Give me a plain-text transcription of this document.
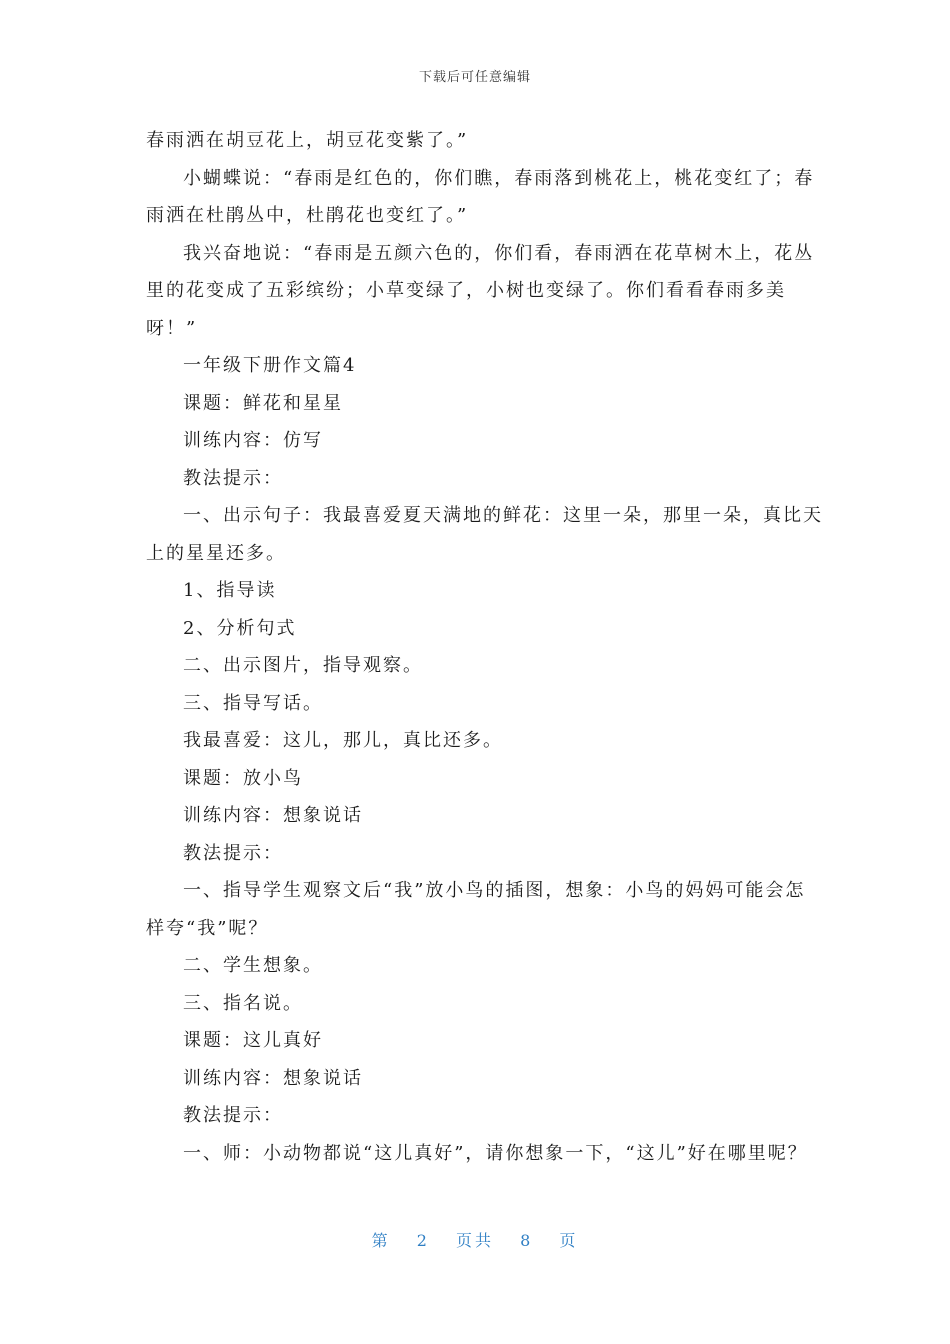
下载后可任意编辑
春雨洒在胡豆花上，胡豆花变紫了。”
小蝴蝶说：“春雨是红色的，你们瞧，春雨落到桃花上，桃花变红了；春
雨洒在杜鹃丛中，杜鹃花也变红了。”
我兴奋地说：“春雨是五颜六色的，你们看，春雨洒在花草树木上，花丛
里的花变成了五彩缤纷；小草变绿了，小树也变绿了。你们看看春雨多美
呀！”
一年级下册作文篇4
课题：鲜花和星星
训练内容：仿写
教法提示：
一、出示句子：我最喜爱夏天满地的鲜花：这里一朵，那里一朵，真比天
上的星星还多。
1、指导读
2、分析句式
二、出示图片，指导观察。
三、指导写话。
我最喜爱：这儿，那儿，真比还多。
课题：放小鸟
训练内容：想象说话
教法提示：
一、指导学生观察文后“我”放小鸟的插图，想象：小鸟的妈妈可能会怎
样夸“我”呢？
二、学生想象。
三、指名说。
课题：这儿真好
训练内容：想象说话
教法提示：
一、师：小动物都说“这儿真好”，请你想象一下，“这儿”好在哪里呢？
第 2 页共 8 页
